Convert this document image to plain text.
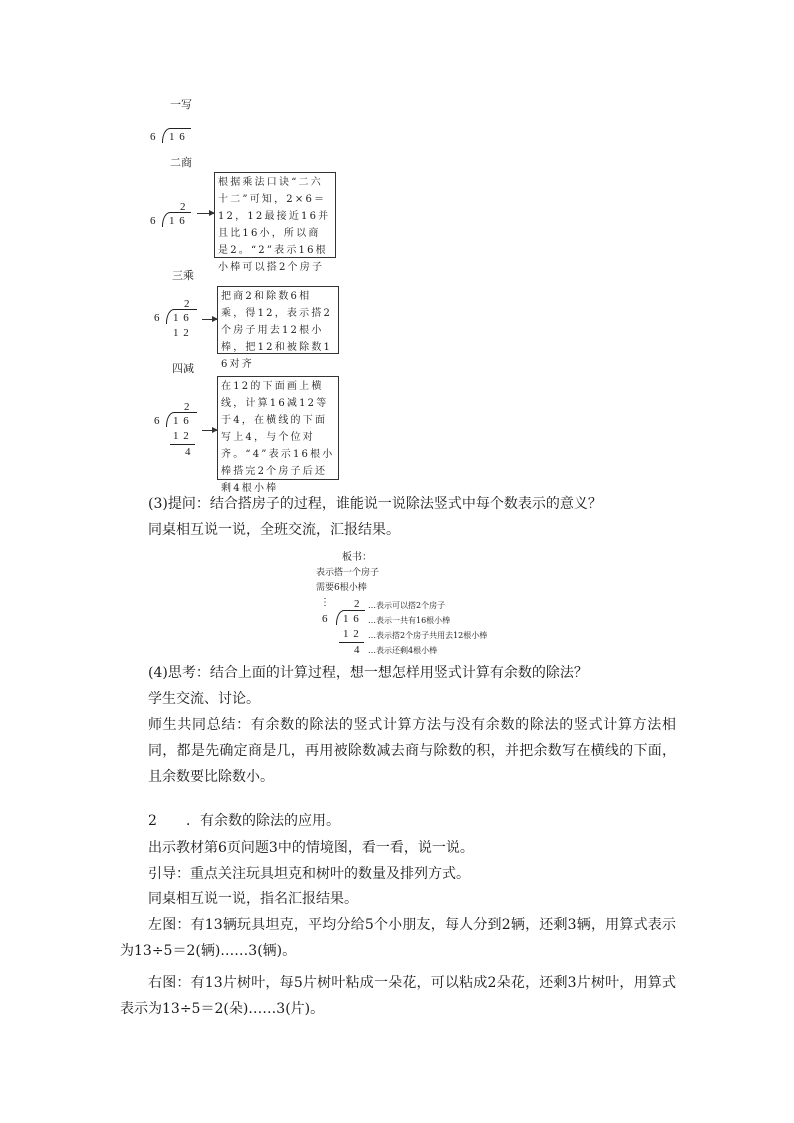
一写
6 1 6
二商
2
6 1 6
根据乘法口诀“二六十二”可知，2×6＝12，12最接近16并且比16小，所以商是2。“2”表示16根小棒可以搭2个房子
三乘
2
6 1 6
1 2
把商2和除数6相乘，得12，表示搭2个房子用去12根小棒，把12和被除数16对齐
四减
2
6 1 6
1 2
4
在12的下面画上横线，计算16减12等于4，在横线的下面写上4，与个位对齐。“4”表示16根小棒搭完2个房子后还剩4根小棒
(3)提问：结合搭房子的过程，谁能说一说除法竖式中每个数表示的意义？
同桌相互说一说，全班交流，汇报结果。
板书：
表示搭一个房子
需要6根小棒
⋮ 2 …表示可以搭2个房子
6 1 6 …表示一共有16根小棒
1 2 …表示搭2个房子共用去12根小棒
4 …表示还剩4根小棒
(4)思考：结合上面的计算过程，想一想怎样用竖式计算有余数的除法？
学生交流、讨论。
师生共同总结：有余数的除法的竖式计算方法与没有余数的除法的竖式计算方法相同，都是先确定商是几，再用被除数减去商与除数的积，并把余数写在横线的下面，且余数要比除数小。
2 ．有余数的除法的应用。
出示教材第6页问题3中的情境图，看一看，说一说。
引导：重点关注玩具坦克和树叶的数量及排列方式。
同桌相互说一说，指名汇报结果。
左图：有13辆玩具坦克，平均分给5个小朋友，每人分到2辆，还剩3辆，用算式表示为13÷5＝2(辆)……3(辆)。
右图：有13片树叶，每5片树叶粘成一朵花，可以粘成2朵花，还剩3片树叶，用算式表示为13÷5＝2(朵)……3(片)。
